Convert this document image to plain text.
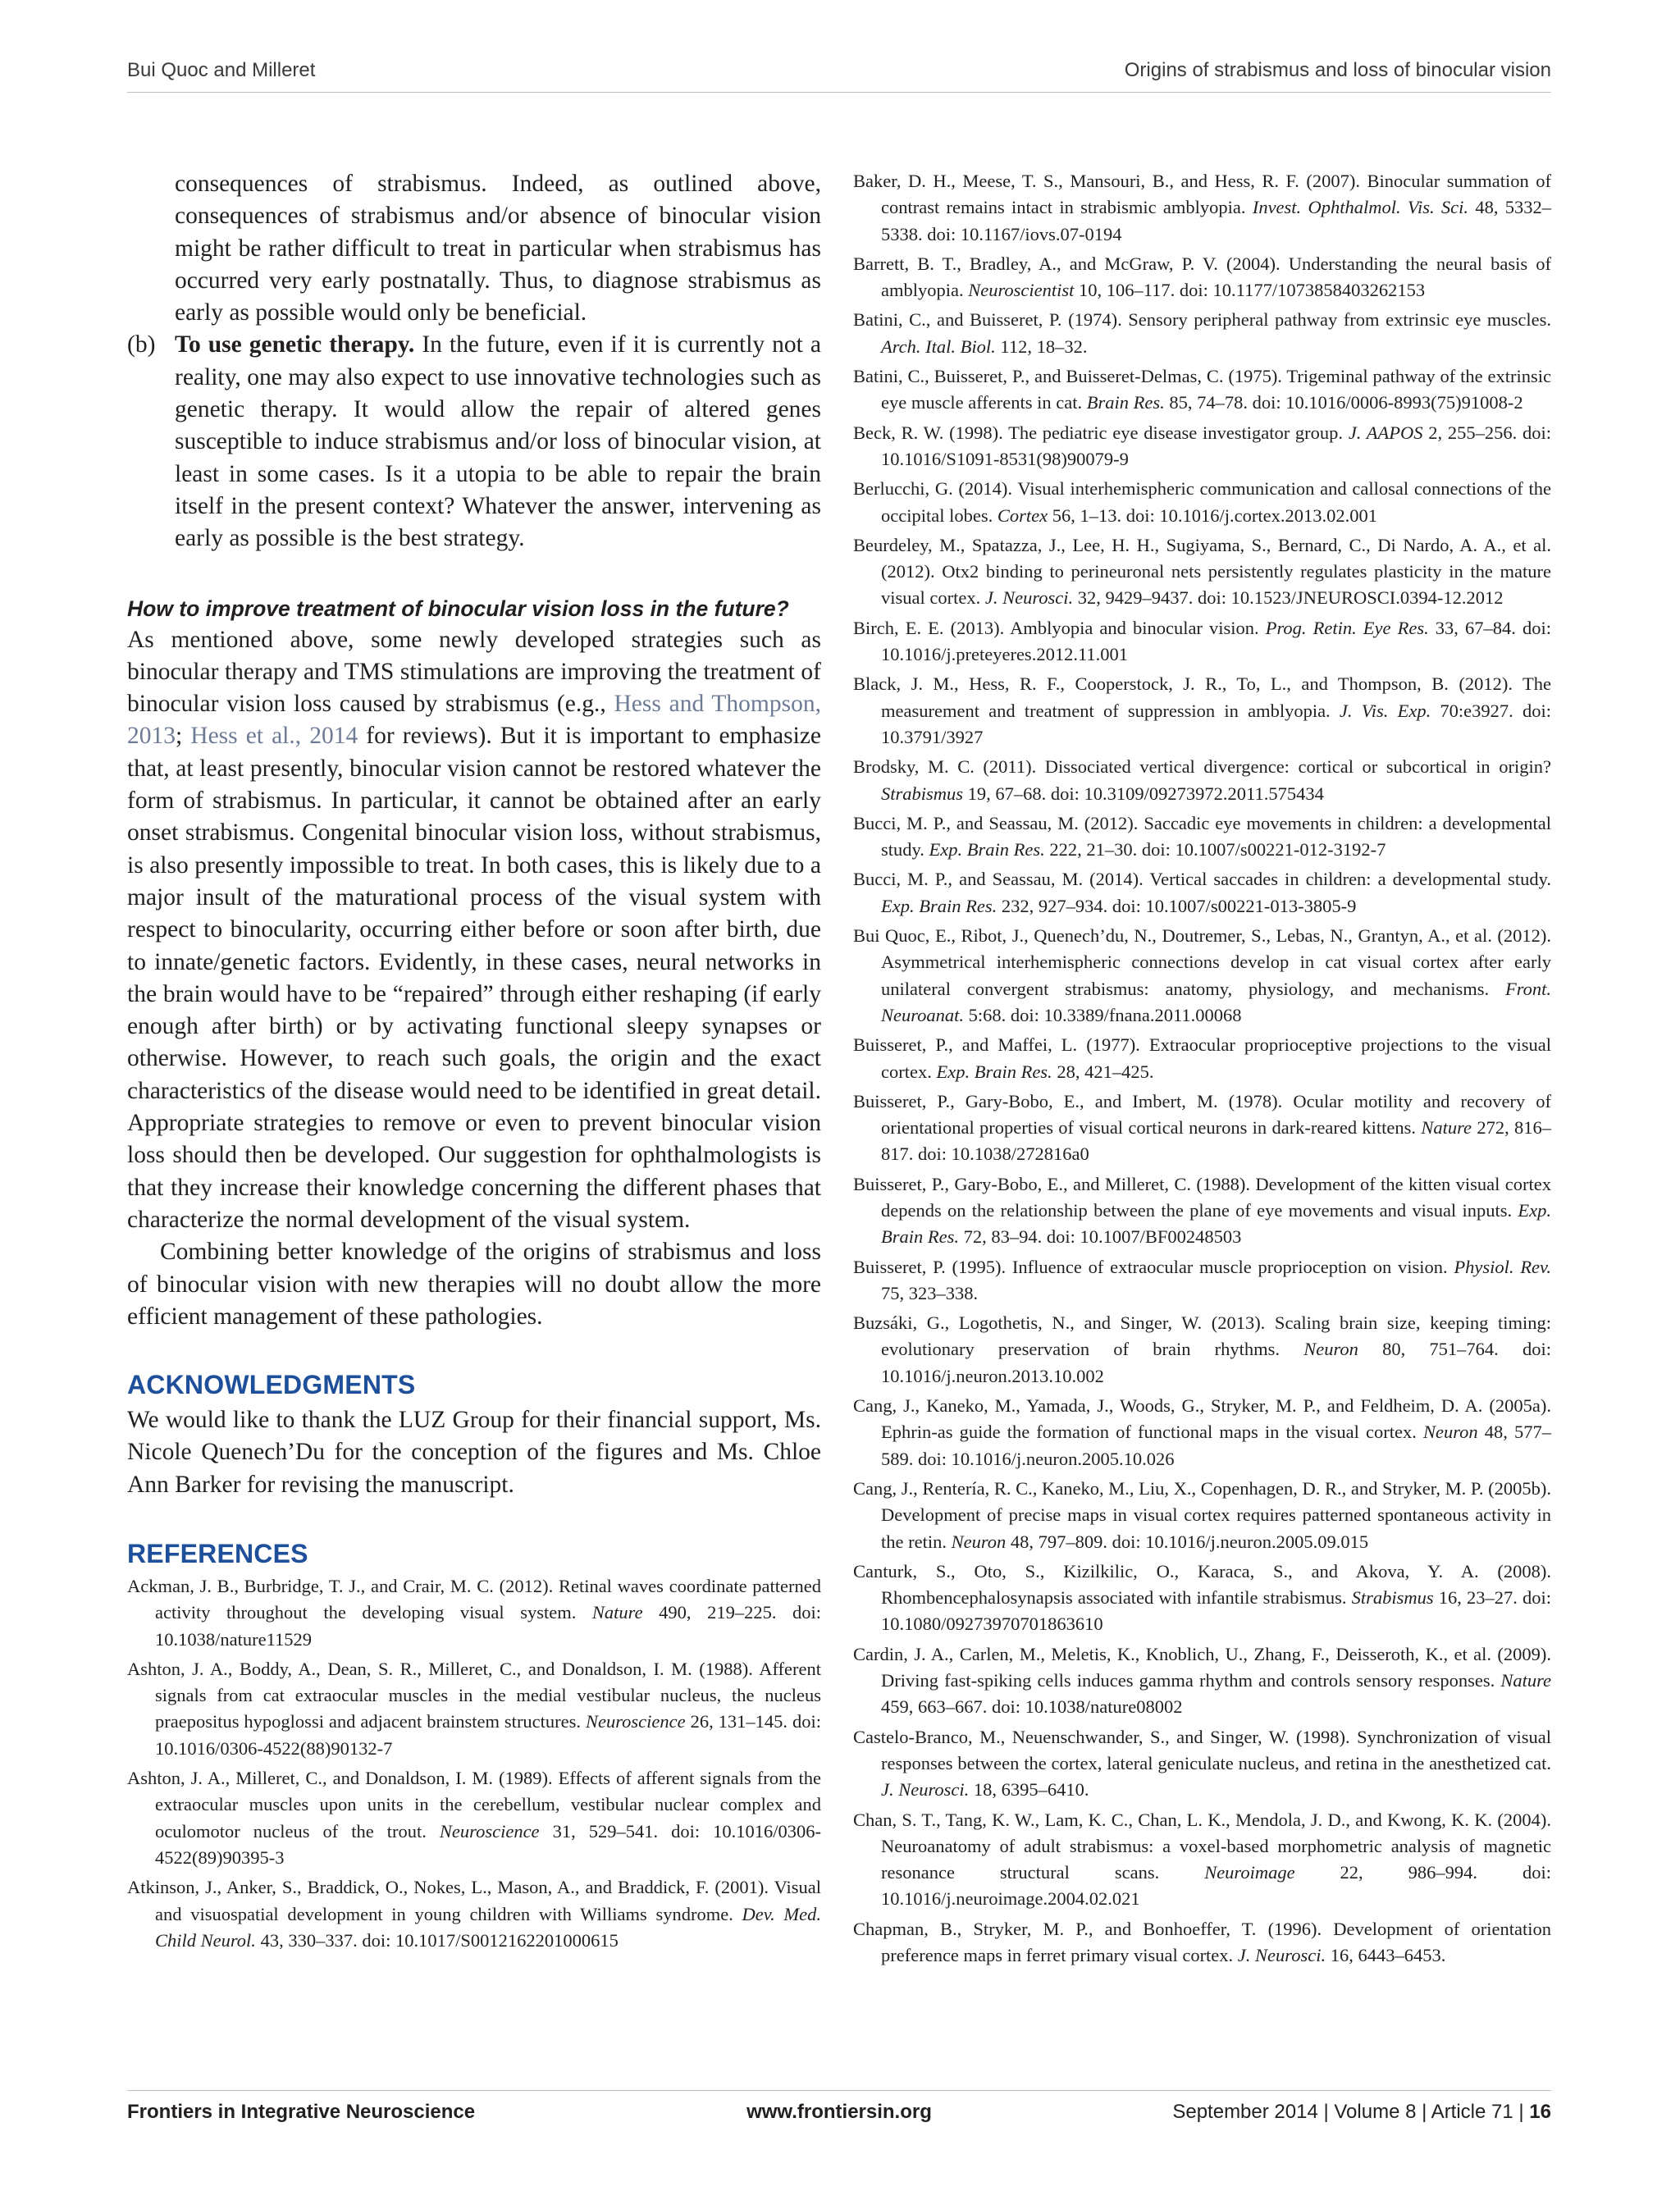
Bui Quoc and Milleret	Origins of strabismus and loss of binocular vision

consequences of strabismus. Indeed, as outlined above, consequences of strabismus and/or absence of binocular vision might be rather difficult to treat in particular when strabismus has occurred very early postnatally. Thus, to diagnose strabismus as early as possible would only be beneficial.

(b) To use genetic therapy. In the future, even if it is currently not a reality, one may also expect to use innovative technologies such as genetic therapy. It would allow the repair of altered genes susceptible to induce strabismus and/or loss of binocular vision, at least in some cases. Is it a utopia to be able to repair the brain itself in the present context? Whatever the answer, intervening as early as possible is the best strategy.

How to improve treatment of binocular vision loss in the future?

As mentioned above, some newly developed strategies such as binocular therapy and TMS stimulations are improving the treatment of binocular vision loss caused by strabismus (e.g., Hess and Thompson, 2013; Hess et al., 2014 for reviews). But it is important to emphasize that, at least presently, binocular vision cannot be restored whatever the form of strabismus. In particular, it cannot be obtained after an early onset strabismus. Congenital binocular vision loss, without strabismus, is also presently impossible to treat. In both cases, this is likely due to a major insult of the maturational process of the visual system with respect to binocularity, occurring either before or soon after birth, due to innate/genetic factors. Evidently, in these cases, neural networks in the brain would have to be “repaired” through either reshaping (if early enough after birth) or by activating functional sleepy synapses or otherwise. However, to reach such goals, the origin and the exact characteristics of the disease would need to be identified in great detail. Appropriate strategies to remove or even to prevent binocular vision loss should then be developed. Our suggestion for ophthalmologists is that they increase their knowledge concerning the different phases that characterize the normal development of the visual system.

Combining better knowledge of the origins of strabismus and loss of binocular vision with new therapies will no doubt allow the more efficient management of these pathologies.

ACKNOWLEDGMENTS

We would like to thank the LUZ Group for their financial support, Ms. Nicole Quenech’Du for the conception of the figures and Ms. Chloe Ann Barker for revising the manuscript.

REFERENCES

Ackman, J. B., Burbridge, T. J., and Crair, M. C. (2012). Retinal waves coordinate patterned activity throughout the developing visual system. Nature 490, 219–225. doi: 10.1038/nature11529

Ashton, J. A., Boddy, A., Dean, S. R., Milleret, C., and Donaldson, I. M. (1988). Afferent signals from cat extraocular muscles in the medial vestibular nucleus, the nucleus praepositus hypoglossi and adjacent brainstem structures. Neuroscience 26, 131–145. doi: 10.1016/0306-4522(88)90132-7

Ashton, J. A., Milleret, C., and Donaldson, I. M. (1989). Effects of afferent signals from the extraocular muscles upon units in the cerebellum, vestibular nuclear complex and oculomotor nucleus of the trout. Neuroscience 31, 529–541. doi: 10.1016/0306-4522(89)90395-3

Atkinson, J., Anker, S., Braddick, O., Nokes, L., Mason, A., and Braddick, F. (2001). Visual and visuospatial development in young children with Williams syndrome. Dev. Med. Child Neurol. 43, 330–337. doi: 10.1017/S0012162201000615

Baker, D. H., Meese, T. S., Mansouri, B., and Hess, R. F. (2007). Binocular summation of contrast remains intact in strabismic amblyopia. Invest. Ophthalmol. Vis. Sci. 48, 5332–5338. doi: 10.1167/iovs.07-0194

Barrett, B. T., Bradley, A., and McGraw, P. V. (2004). Understanding the neural basis of amblyopia. Neuroscientist 10, 106–117. doi: 10.1177/1073858403262153

Batini, C., and Buisseret, P. (1974). Sensory peripheral pathway from extrinsic eye muscles. Arch. Ital. Biol. 112, 18–32.

Batini, C., Buisseret, P., and Buisseret-Delmas, C. (1975). Trigeminal pathway of the extrinsic eye muscle afferents in cat. Brain Res. 85, 74–78. doi: 10.1016/0006-8993(75)91008-2

Beck, R. W. (1998). The pediatric eye disease investigator group. J. AAPOS 2, 255–256. doi: 10.1016/S1091-8531(98)90079-9

Berlucchi, G. (2014). Visual interhemispheric communication and callosal connections of the occipital lobes. Cortex 56, 1–13. doi: 10.1016/j.cortex.2013.02.001

Beurdeley, M., Spatazza, J., Lee, H. H., Sugiyama, S., Bernard, C., Di Nardo, A. A., et al. (2012). Otx2 binding to perineuronal nets persistently regulates plasticity in the mature visual cortex. J. Neurosci. 32, 9429–9437. doi: 10.1523/JNEUROSCI.0394-12.2012

Birch, E. E. (2013). Amblyopia and binocular vision. Prog. Retin. Eye Res. 33, 67–84. doi: 10.1016/j.preteyeres.2012.11.001

Black, J. M., Hess, R. F., Cooperstock, J. R., To, L., and Thompson, B. (2012). The measurement and treatment of suppression in amblyopia. J. Vis. Exp. 70:e3927. doi: 10.3791/3927

Brodsky, M. C. (2011). Dissociated vertical divergence: cortical or subcortical in origin? Strabismus 19, 67–68. doi: 10.3109/09273972.2011.575434

Bucci, M. P., and Seassau, M. (2012). Saccadic eye movements in children: a developmental study. Exp. Brain Res. 222, 21–30. doi: 10.1007/s00221-012-3192-7

Bucci, M. P., and Seassau, M. (2014). Vertical saccades in children: a developmental study. Exp. Brain Res. 232, 927–934. doi: 10.1007/s00221-013-3805-9

Bui Quoc, E., Ribot, J., Quenech’du, N., Doutremer, S., Lebas, N., Grantyn, A., et al. (2012). Asymmetrical interhemispheric connections develop in cat visual cortex after early unilateral convergent strabismus: anatomy, physiology, and mechanisms. Front. Neuroanat. 5:68. doi: 10.3389/fnana.2011.00068

Buisseret, P., and Maffei, L. (1977). Extraocular proprioceptive projections to the visual cortex. Exp. Brain Res. 28, 421–425.

Buisseret, P., Gary-Bobo, E., and Imbert, M. (1978). Ocular motility and recovery of orientational properties of visual cortical neurons in dark-reared kittens. Nature 272, 816–817. doi: 10.1038/272816a0

Buisseret, P., Gary-Bobo, E., and Milleret, C. (1988). Development of the kitten visual cortex depends on the relationship between the plane of eye movements and visual inputs. Exp. Brain Res. 72, 83–94. doi: 10.1007/BF00248503

Buisseret, P. (1995). Influence of extraocular muscle proprioception on vision. Physiol. Rev. 75, 323–338.

Buzsáki, G., Logothetis, N., and Singer, W. (2013). Scaling brain size, keeping timing: evolutionary preservation of brain rhythms. Neuron 80, 751–764. doi: 10.1016/j.neuron.2013.10.002

Cang, J., Kaneko, M., Yamada, J., Woods, G., Stryker, M. P., and Feldheim, D. A. (2005a). Ephrin-as guide the formation of functional maps in the visual cortex. Neuron 48, 577–589. doi: 10.1016/j.neuron.2005.10.026

Cang, J., Rentería, R. C., Kaneko, M., Liu, X., Copenhagen, D. R., and Stryker, M. P. (2005b). Development of precise maps in visual cortex requires patterned spontaneous activity in the retin. Neuron 48, 797–809. doi: 10.1016/j.neuron.2005.09.015

Canturk, S., Oto, S., Kizilkilic, O., Karaca, S., and Akova, Y. A. (2008). Rhombencephalosynapsis associated with infantile strabismus. Strabismus 16, 23–27. doi: 10.1080/09273970701863610

Cardin, J. A., Carlen, M., Meletis, K., Knoblich, U., Zhang, F., Deisseroth, K., et al. (2009). Driving fast-spiking cells induces gamma rhythm and controls sensory responses. Nature 459, 663–667. doi: 10.1038/nature08002

Castelo-Branco, M., Neuenschwander, S., and Singer, W. (1998). Synchronization of visual responses between the cortex, lateral geniculate nucleus, and retina in the anesthetized cat. J. Neurosci. 18, 6395–6410.

Chan, S. T., Tang, K. W., Lam, K. C., Chan, L. K., Mendola, J. D., and Kwong, K. K. (2004). Neuroanatomy of adult strabismus: a voxel-based morphometric analysis of magnetic resonance structural scans. Neuroimage 22, 986–994. doi: 10.1016/j.neuroimage.2004.02.021

Chapman, B., Stryker, M. P., and Bonhoeffer, T. (1996). Development of orientation preference maps in ferret primary visual cortex. J. Neurosci. 16, 6443–6453.

Frontiers in Integrative Neuroscience	www.frontiersin.org	September 2014 | Volume 8 | Article 71 | 16
